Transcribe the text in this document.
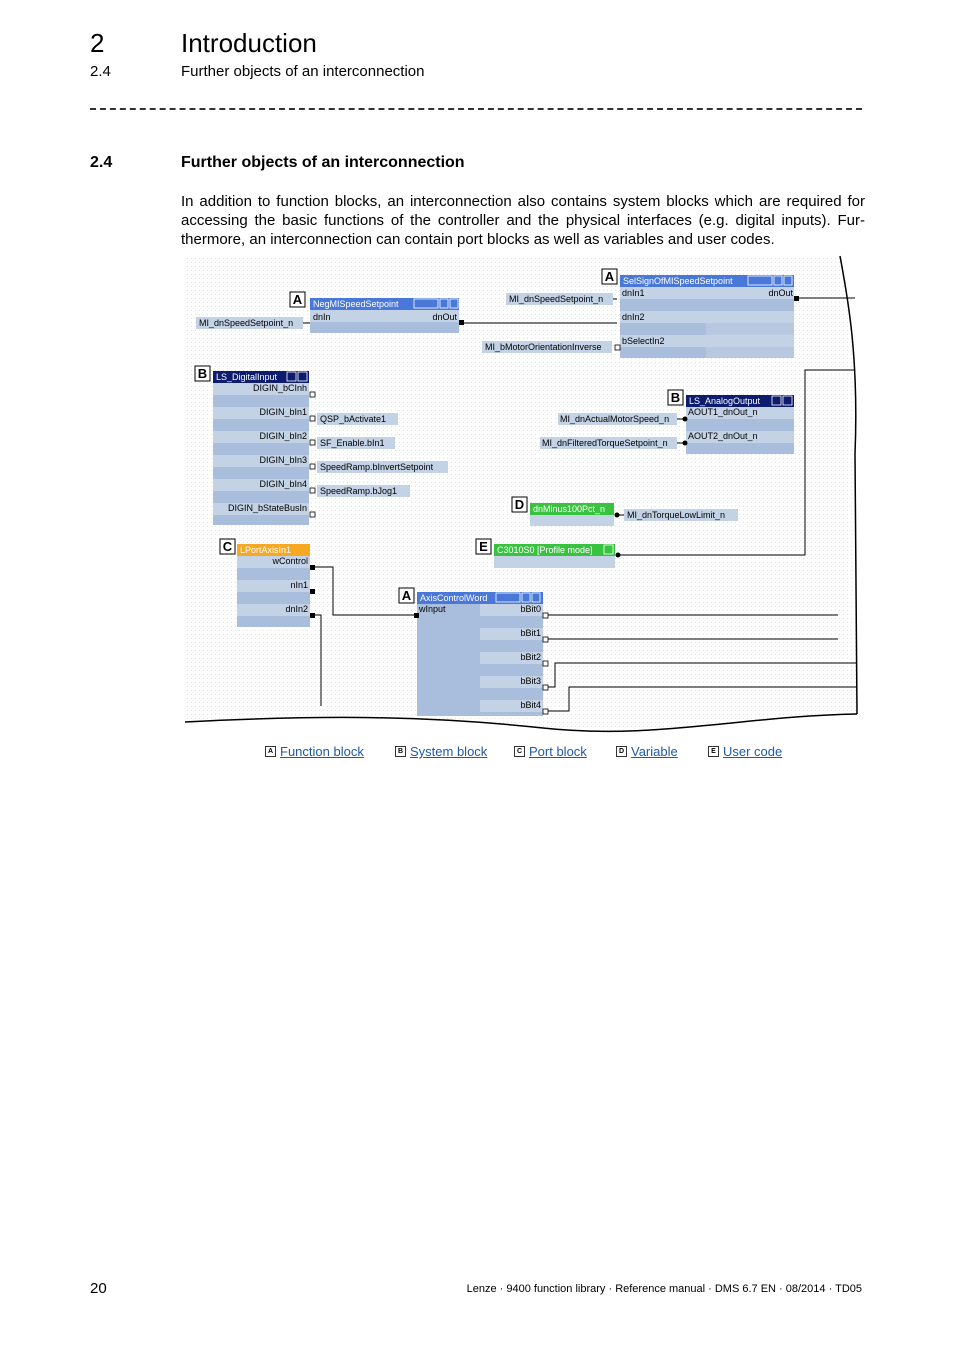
2	Introduction
2.4	Further objects of an interconnection
2.4	Further objects of an interconnection
In addition to function blocks, an interconnection also contains system blocks which are required for accessing the basic functions of the controller and the physical interfaces (e.g. digital inputs). Fur-thermore, an interconnection can contain port blocks as well as variables and user codes.
A NegMISpeedSetpoint
dnIn	dnOut
MI_dnSpeedSetpoint_n
A SelSignOfMISpeedSetpoint
dnIn1
dnIn2
bSelectIn2
dnOut
MI_dnSpeedSetpoint_n
MI_bMotorOrientationInverse
B LS_DigitalInput
DIGIN_bCInh
DIGIN_bIn1
DIGIN_bIn2
DIGIN_bIn3
DIGIN_bIn4
DIGIN_bStateBusIn
QSP_bActivate1
SF_Enable.bIn1
SpeedRamp.bInvertSetpoint
SpeedRamp.bJog1
B LS_AnalogOutput
AOUT1_dnOut_n
AOUT2_dnOut_n
MI_dnActualMotorSpeed_n
MI_dnFilteredTorqueSetpoint_n
D dnMinus100Pct_n
MI_dnTorqueLowLimit_n
E C3010S0 [Profile mode]
C LPortAxisIn1
wControl
nIn1
dnIn2
A AxisControlWord
wInput	bBit0
bBit1
bBit2
bBit3
bBit4
A Function block	B System block	C Port block	D Variable	E User code
20	Lenze · 9400 function library · Reference manual · DMS 6.7 EN · 08/2014 · TD05
